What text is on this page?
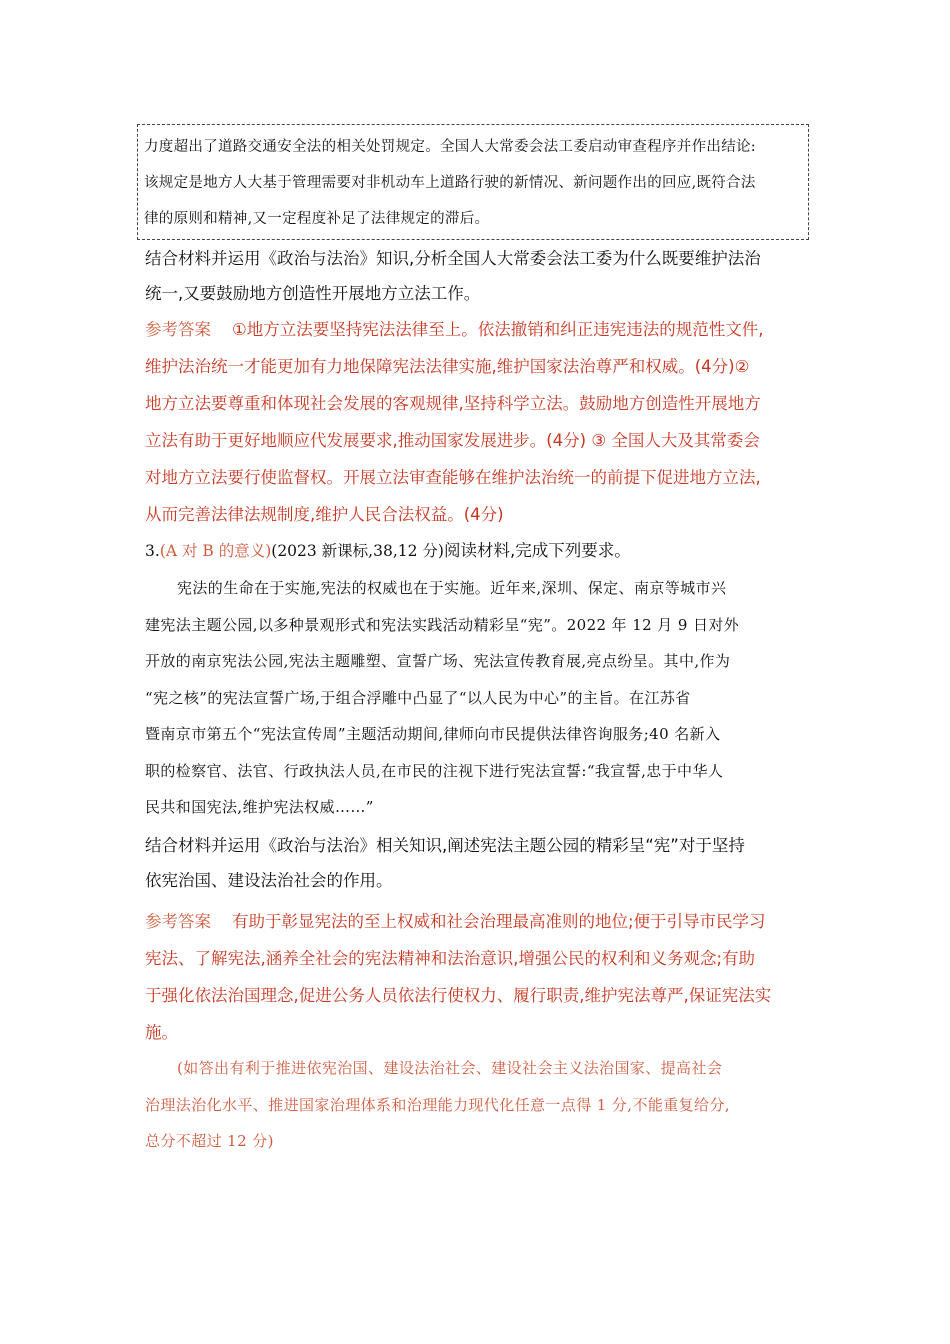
力度超出了道路交通安全法的相关处罚规定。全国人大常委会法工委启动审查程序并作出结论:
该规定是地方人大基于管理需要对非机动车上道路行驶的新情况、新问题作出的回应,既符合法
律的原则和精神,又一定程度补足了法律规定的滞后。
结合材料并运用《政治与法治》知识,分析全国人大常委会法工委为什么既要维护法治
统一,又要鼓励地方创造性开展地方立法工作。
参考答案 ①地方立法要坚持宪法法律至上。依法撤销和纠正违宪违法的规范性文件,
维护法治统一才能更加有力地保障宪法法律实施,维护国家法治尊严和权威。(4分)②
地方立法要尊重和体现社会发展的客观规律,坚持科学立法。鼓励地方创造性开展地方
立法有助于更好地顺应代发展要求,推动国家发展进步。(4分) ③ 全国人大及其常委会
对地方立法要行使监督权。开展立法审查能够在维护法治统一的前提下促进地方立法,
从而完善法律法规制度,维护人民合法权益。(4分)
3.(A 对 B 的意义)(2023 新课标,38,12 分)阅读材料,完成下列要求。
宪法的生命在于实施,宪法的权威也在于实施。近年来,深圳、保定、南京等城市兴
建宪法主题公园,以多种景观形式和宪法实践活动精彩呈“宪”。2022 年 12 月 9 日对外
开放的南京宪法公园,宪法主题雕塑、宣誓广场、宪法宣传教育展,亮点纷呈。其中,作为
“宪之核”的宪法宣誓广场,于组合浮雕中凸显了“以人民为中心”的主旨。在江苏省
暨南京市第五个“宪法宣传周”主题活动期间,律师向市民提供法律咨询服务;40 名新入
职的检察官、法官、行政执法人员,在市民的注视下进行宪法宣誓:“我宣誓,忠于中华人
民共和国宪法,维护宪法权威……”
结合材料并运用《政治与法治》相关知识,阐述宪法主题公园的精彩呈“宪”对于坚持
依宪治国、建设法治社会的作用。
参考答案 有助于彰显宪法的至上权威和社会治理最高准则的地位;便于引导市民学习
宪法、了解宪法,涵养全社会的宪法精神和法治意识,增强公民的权利和义务观念;有助
于强化依法治国理念,促进公务人员依法行使权力、履行职责,维护宪法尊严,保证宪法实
施。
(如答出有利于推进依宪治国、建设法治社会、建设社会主义法治国家、提高社会
治理法治化水平、推进国家治理体系和治理能力现代化任意一点得 1 分,不能重复给分,
总分不超过 12 分)
